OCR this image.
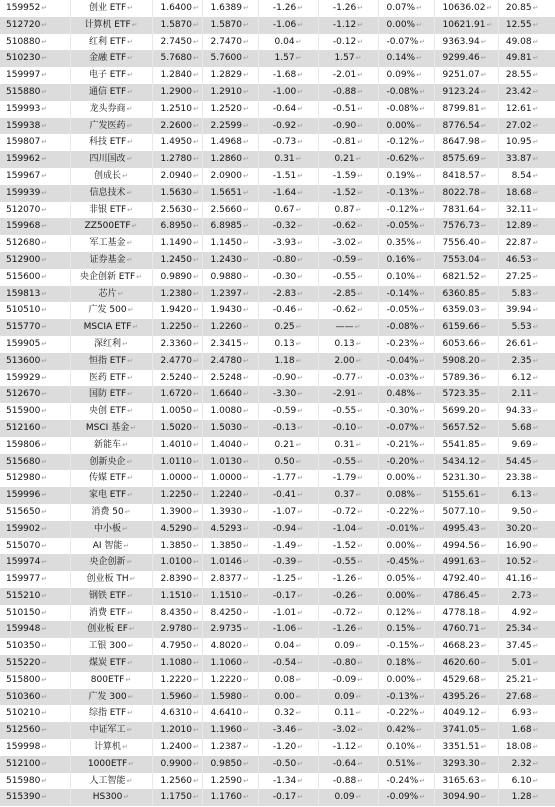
159952↵	创业 ETF↵	1.6400↵	1.6389↵	-1.26↵	-1.26↵	0.07%↵	10636.02↵	20.85↵
512720↵	计算机 ETF↵	1.5870↵	1.5870↵	-1.06↵	-1.12↵	0.00%↵	10621.91↵	12.55↵
510880↵	红利 ETF↵	2.7450↵	2.7470↵	0.04↵	-0.12↵	-0.07%↵	9363.94↵	49.08↵
510230↵	金融 ETF↵	5.7680↵	5.7600↵	1.57↵	1.57↵	0.14%↵	9299.46↵	49.81↵
159997↵	电子 ETF↵	1.2840↵	1.2829↵	-1.68↵	-2.01↵	0.09%↵	9251.07↵	28.55↵
515880↵	通信 ETF↵	1.2900↵	1.2910↵	-1.00↵	-0.88↵	-0.08%↵	9123.24↵	23.42↵
159993↵	龙头券商↵	1.2510↵	1.2520↵	-0.64↵	-0.51↵	-0.08%↵	8799.81↵	12.61↵
159938↵	广发医药↵	2.2600↵	2.2599↵	-0.92↵	-0.90↵	0.00%↵	8776.54↵	27.02↵
159807↵	科技 ETF↵	1.4950↵	1.4968↵	-0.73↵	-0.81↵	-0.12%↵	8647.98↵	10.95↵
159962↵	四川国改↵	1.2780↵	1.2860↵	0.31↵	0.21↵	-0.62%↵	8575.69↵	33.87↵
159967↵	创成长↵	2.0940↵	2.0900↵	-1.51↵	-1.59↵	0.19%↵	8418.57↵	8.54↵
159939↵	信息技术↵	1.5630↵	1.5651↵	-1.64↵	-1.52↵	-0.13%↵	8022.78↵	18.68↵
512070↵	非银 ETF↵	2.5630↵	2.5660↵	0.67↵	0.87↵	-0.12%↵	7831.64↵	32.11↵
159968↵	ZZ500ETF↵	6.8950↵	6.8985↵	-0.32↵	-0.62↵	-0.05%↵	7576.73↵	12.89↵
512680↵	军工基金↵	1.1490↵	1.1450↵	-3.93↵	-3.02↵	0.35%↵	7556.40↵	22.87↵
512900↵	证券基金↵	1.2450↵	1.2430↵	-0.80↵	-0.59↵	0.16%↵	7553.04↵	46.53↵
515600↵	央企创新 ETF↵	0.9890↵	0.9880↵	-0.30↵	-0.55↵	0.10%↵	6821.52↵	27.25↵
159813↵	芯片↵	1.2380↵	1.2397↵	-2.83↵	-2.85↵	-0.14%↵	6360.85↵	5.83↵
510510↵	广发 500↵	1.9420↵	1.9430↵	-0.46↵	-0.62↵	-0.05%↵	6359.03↵	39.94↵
515770↵	MSCIA ETF↵	1.2250↵	1.2260↵	0.25↵	——↵	-0.08%↵	6159.66↵	5.53↵
159905↵	深红利↵	2.3360↵	2.3415↵	0.13↵	0.13↵	-0.23%↵	6053.66↵	26.61↵
513600↵	恒指 ETF↵	2.4770↵	2.4780↵	1.18↵	2.00↵	-0.04%↵	5908.20↵	2.35↵
159929↵	医药 ETF↵	2.5240↵	2.5248↵	-0.90↵	-0.77↵	-0.03%↵	5789.36↵	6.12↵
512670↵	国防 ETF↵	1.6720↵	1.6640↵	-3.30↵	-2.91↵	0.48%↵	5723.35↵	2.11↵
515900↵	央创 ETF↵	1.0050↵	1.0080↵	-0.59↵	-0.55↵	-0.30%↵	5699.20↵	94.33↵
512160↵	MSCI 基金↵	1.5020↵	1.5030↵	-0.13↵	-0.10↵	-0.07%↵	5657.52↵	5.68↵
159806↵	新能车↵	1.4010↵	1.4040↵	0.21↵	0.31↵	-0.21%↵	5541.85↵	9.69↵
515680↵	创新央企↵	1.0110↵	1.0130↵	0.50↵	-0.55↵	-0.20%↵	5434.12↵	54.45↵
512980↵	传媒 ETF↵	1.0000↵	1.0000↵	-1.77↵	-1.79↵	0.00%↵	5231.30↵	23.38↵
159996↵	家电 ETF↵	1.2250↵	1.2240↵	-0.41↵	0.37↵	0.08%↵	5155.61↵	6.13↵
515650↵	消费 50↵	1.3900↵	1.3930↵	-1.07↵	-0.72↵	-0.22%↵	5077.10↵	9.50↵
159902↵	中小板↵	4.5290↵	4.5293↵	-0.94↵	-1.04↵	-0.01%↵	4995.43↵	30.20↵
515070↵	AI 智能↵	1.3850↵	1.3850↵	-1.49↵	-1.52↵	0.00%↵	4994.56↵	16.90↵
159974↵	央企创新↵	1.0100↵	1.0146↵	-0.39↵	-0.55↵	-0.45%↵	4991.63↵	10.52↵
159977↵	创业板 TH↵	2.8390↵	2.8377↵	-1.25↵	-1.26↵	0.05%↵	4792.40↵	41.16↵
515210↵	钢铁 ETF↵	1.1510↵	1.1510↵	-0.17↵	-0.26↵	0.00%↵	4786.45↵	2.73↵
510150↵	消费 ETF↵	8.4350↵	8.4250↵	-1.01↵	-0.72↵	0.12%↵	4778.18↵	4.92↵
159948↵	创业板 EF↵	2.9780↵	2.9735↵	-1.06↵	-1.26↵	0.15%↵	4760.71↵	25.34↵
510350↵	工银 300↵	4.7950↵	4.8020↵	0.04↵	0.09↵	-0.15%↵	4668.23↵	37.45↵
515220↵	煤炭 ETF↵	1.1080↵	1.1060↵	-0.54↵	-0.80↵	0.18%↵	4620.60↵	5.01↵
515800↵	800ETF↵	1.2220↵	1.2220↵	0.08↵	-0.09↵	0.00%↵	4529.68↵	25.21↵
510360↵	广发 300↵	1.5960↵	1.5980↵	0.00↵	0.09↵	-0.13%↵	4395.26↵	27.68↵
510210↵	综指 ETF↵	4.6310↵	4.6410↵	0.32↵	0.11↵	-0.22%↵	4049.12↵	6.93↵
512560↵	中证军工↵	1.2010↵	1.1960↵	-3.46↵	-3.02↵	0.42%↵	3741.05↵	1.68↵
159998↵	计算机↵	1.2400↵	1.2387↵	-1.20↵	-1.12↵	0.10%↵	3351.51↵	18.08↵
512100↵	1000ETF↵	0.9900↵	0.9850↵	-0.50↵	-0.64↵	0.51%↵	3293.30↵	2.32↵
515980↵	人工智能↵	1.2560↵	1.2590↵	-1.34↵	-0.88↵	-0.24%↵	3165.63↵	6.10↵
515390↵	HS300↵	1.1750↵	1.1760↵	-0.17↵	0.09↵	-0.09%↵	3094.90↵	1.28↵
